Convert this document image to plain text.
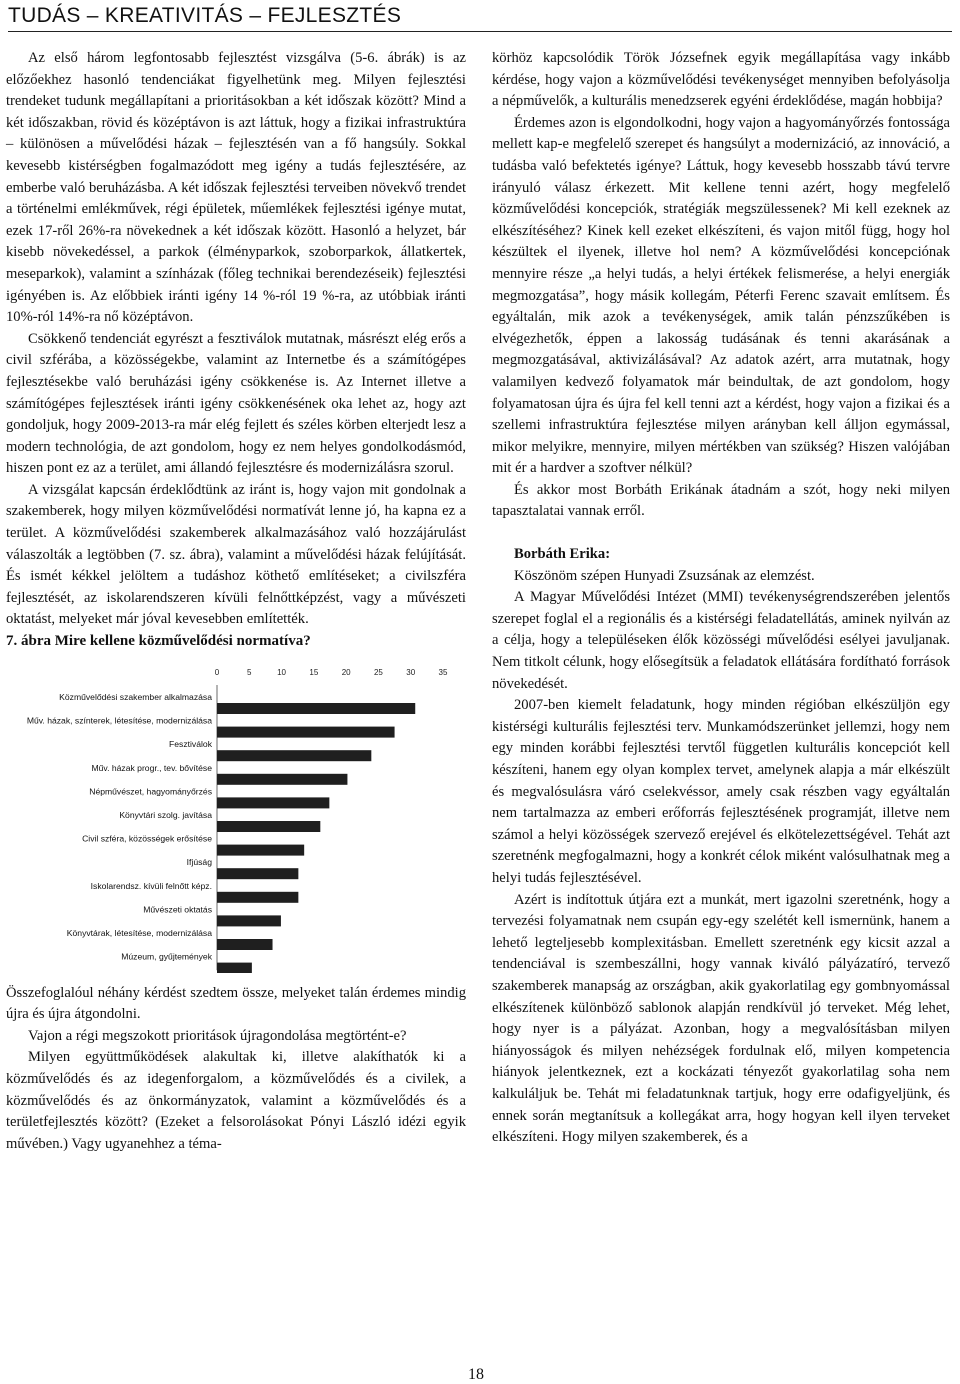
TUDÁS – KREATIVITÁS – FEJLESZTÉS

Az első három legfontosabb fejlesztést vizsgálva (5-6. ábrák) is az előzőekhez hasonló tendenciákat figyelhetünk meg. Milyen fejlesztési trendeket tudunk megállapítani a prioritásokban a két időszak között? Mind a két időszakban, rövid és középtávon is azt láttuk, hogy a fizikai infrastruktúra – különösen a művelődési házak – fejlesztésén van a fő hangsúly. Sokkal kevesebb kistérségben fogalmazódott meg igény a tudás fejlesztésére, az emberbe való beruházásba. A két időszak fejlesztési terveiben növekvő trendet a történelmi emlékművek, régi épületek, műemlékek fejlesztési igénye mutat, ezek 17-ről 26%-ra növekednek a két időszak között. Hasonló a helyzet, bár kisebb növekedéssel, a parkok (élményparkok, szoborparkok, állatkertek, meseparkok), valamint a színházak (főleg technikai berendezéseik) fejlesztési igényében is. Az előbbiek iránti igény 14 %-ról 19 %-ra, az utóbbiak iránti 10%-ról 14%-ra nő középtávon.

Csökkenő tendenciát egyrészt a fesztiválok mutatnak, másrészt elég erős a civil szférába, a közösségekbe, valamint az Internetbe és a számítógépes fejlesztésekbe való beruházási igény csökkenése is. Az Internet illetve a számítógépes fejlesztések iránti igény csökkenésének oka lehet az, hogy azt gondoljuk, hogy 2009-2013-ra már elég fejlett és széles körben elterjedt lesz a modern technológia, de azt gondolom, hogy ez nem helyes gondolkodásmód, hiszen pont ez az a terület, ami állandó fejlesztésre és modernizálásra szorul.

A vizsgálat kapcsán érdeklődtünk az iránt is, hogy vajon mit gondolnak a szakemberek, hogy milyen közművelődési normatívát lenne jó, ha kapna ez a terület. A közművelődési szakemberek alkalmazásához való hozzájárulást válaszolták a legtöbben (7. sz. ábra), valamint a művelődési házak felújítását. És ismét kékkel jelöltem a tudáshoz köthető említéseket; a civilszféra fejlesztését, az iskolarendszeren kívüli felnőttképzést, vagy a művészeti oktatást, melyeket már jóval kevesebben említették.

7. ábra Mire kellene közművelődési normatíva?

0	5	10	15	20	25	30	35
Közművelődési szakember alkalmazása
Műv. házak, színterek, létesítése, modernizálása
Fesztiválok
Műv. házak progr., tev. bővítése
Népművészet, hagyományőrzés
Könyvtári szolg. javítása
Civil szféra, közösségek erősítése
Ifjúság
Iskolarendsz. kívüli felnőtt képz.
Művészeti oktatás
Könyvtárak, létesítése, modernizálása
Múzeum, gyűjtemények

Összefoglalóul néhány kérdést szedtem össze, melyeket talán érdemes mindig újra és újra átgondolni.

Vajon a régi megszokott prioritások újragondolása megtörtént-e?

Milyen együttműködések alakultak ki, illetve alakíthatók ki a közművelődés és az idegenforgalom, a közművelődés és a civilek, a közművelődés és az önkormányzatok, valamint a közművelődés és a területfejlesztés között? (Ezeket a felsorolásokat Pónyi László idézi egyik művében.) Vagy ugyanehhez a téma-

körhöz kapcsolódik Török Józsefnek egyik megállapítása vagy inkább kérdése, hogy vajon a közművelődési tevékenységet mennyiben befolyásolja a népművelők, a kulturális menedzserek egyéni érdeklődése, magán hobbija?

Érdemes azon is elgondolkodni, hogy vajon a hagyományőrzés fontossága mellett kap-e megfelelő szerepet és hangsúlyt a modernizáció, az innováció, a tudásba való befektetés igénye? Láttuk, hogy kevesebb hosszabb távú tervre irányuló válasz érkezett. Mit kellene tenni azért, hogy megfelelő közművelődési koncepciók, stratégiák megszülessenek? Mi kell ezeknek az elkészítéséhez? Kinek kell ezeket elkészíteni, és vajon mitől függ, hogy hol készültek el ilyenek, illetve hol nem? A közművelődési koncepciónak mennyire része „a helyi tudás, a helyi értékek felismerése, a helyi energiák megmozgatása”, hogy másik kollegám, Péterfi Ferenc szavait említsem. És egyáltalán, mik azok a tevékenységek, amik talán pénzszűkében is elvégezhetők, éppen a lakosság tudásának és tenni akarásának a megmozgatásával, aktivizálásával? Az adatok azért, arra mutatnak, hogy valamilyen kedvező folyamatok már beindultak, de azt gondolom, hogy folyamatosan újra és újra fel kell tenni azt a kérdést, hogy vajon a fizikai és a szellemi infrastruktúra fejlesztése milyen arányban kell álljon egymással, mikor melyikre, mennyire, milyen mértékben van szükség? Hiszen valójában mit ér a hardver a szoftver nélkül?

És akkor most Borbáth Erikának átadnám a szót, hogy neki milyen tapasztalatai vannak erről.

Borbáth Erika:

Köszönöm szépen Hunyadi Zsuzsának az elemzést.

A Magyar Művelődési Intézet (MMI) tevékenységrendszerében jelentős szerepet foglal el a regionális és a kistérségi feladatellátás, aminek nyilván az a célja, hogy a településeken élők közösségi művelődési esélyei javuljanak. Nem titkolt célunk, hogy elősegítsük a feladatok ellátására fordítható források növekedését.

2007-ben kiemelt feladatunk, hogy minden régióban elkészüljön egy kistérségi kulturális fejlesztési terv. Munkamódszerünket jellemzi, hogy nem egy minden korábbi fejlesztési tervtől független kulturális koncepciót kell készíteni, hanem egy olyan komplex tervet, amelynek alapja a már elkészült és megvalósulásra váró cselekvéssor, amely csak részben vagy egyáltalán nem tartalmazza az emberi erőforrás fejlesztésének programját, illetve nem számol a helyi közösségek szervező erejével és elkötelezettségével. Tehát azt szeretnénk megfogalmazni, hogy a konkrét célok miként valósulhatnak meg a helyi tudás fejlesztésével.

Azért is indítottuk útjára ezt a munkát, mert igazolni szeretnénk, hogy a tervezési folyamatnak nem csupán egy-egy szelétét kell ismernünk, hanem a lehető legteljesebb komplexitásban. Emellett szeretnénk egy kicsit azzal a tendenciával is szembeszállni, hogy vannak kiváló pályázatíró, tervező szakemberek manapság az országban, akik gyakorlatilag egy gombnyomással elkészítenek különböző sablonok alapján rendkívül jó terveket. Még lehet, hogy nyer is a pályázat. Azonban, hogy a megvalósításban milyen hiányosságok és milyen nehézségek fordulnak elő, milyen kompetencia hiányok jelentkeznek, ezt a kockázati tényezőt gyakorlatilag soha nem kalkuláljuk be. Tehát mi feladatunknak tartjuk, hogy erre odafigyeljünk, és ennek során megtanítsuk a kollegákat arra, hogy hogyan kell ilyen terveket elkészíteni. Hogy milyen szakemberek, és a

18
